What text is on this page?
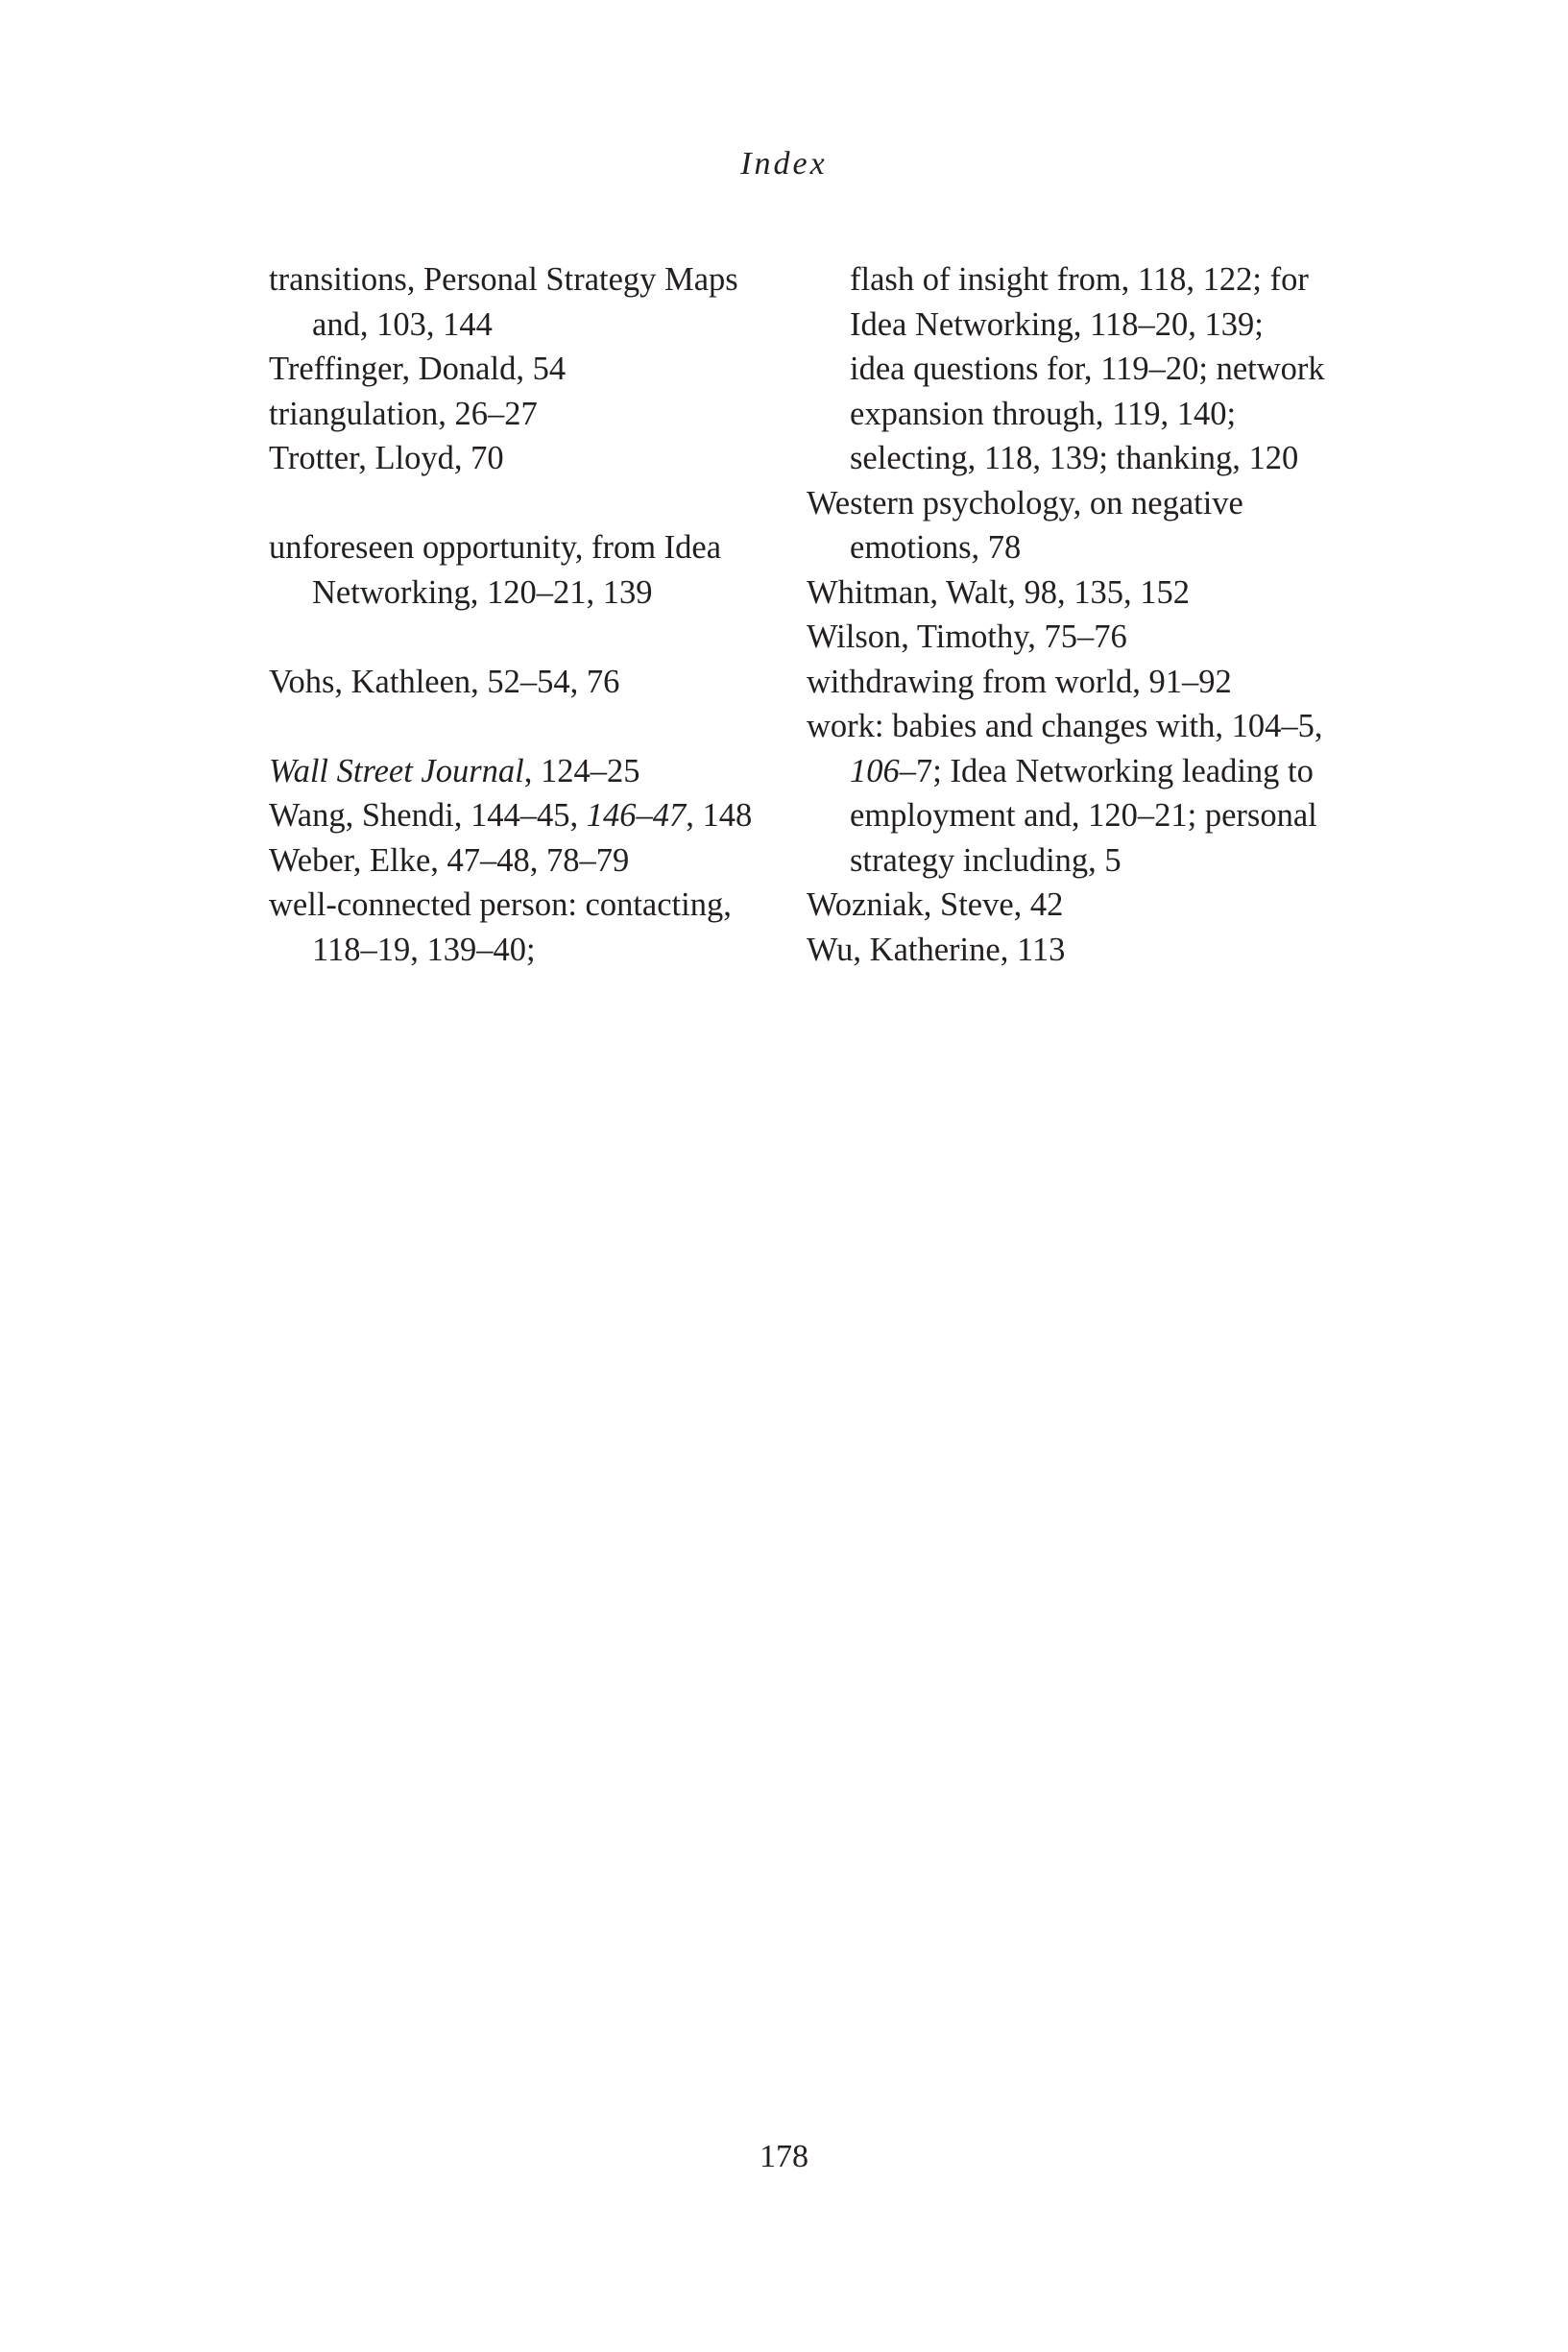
Index

transitions, Personal Strategy Maps and, 103, 144

Treffinger, Donald, 54

triangulation, 26–27

Trotter, Lloyd, 70

unforeseen opportunity, from Idea Networking, 120–21, 139

Vohs, Kathleen, 52–54, 76

Wall Street Journal, 124–25

Wang, Shendi, 144–45, 146–47, 148

Weber, Elke, 47–48, 78–79

well-connected person: contacting, 118–19, 139–40;

flash of insight from, 118, 122; for Idea Networking, 118–20, 139; idea questions for, 119–20; network expansion through, 119, 140; selecting, 118, 139; thanking, 120

Western psychology, on negative emotions, 78

Whitman, Walt, 98, 135, 152

Wilson, Timothy, 75–76

withdrawing from world, 91–92

work: babies and changes with, 104–5, 106–7; Idea Networking leading to employment and, 120–21; personal strategy including, 5

Wozniak, Steve, 42

Wu, Katherine, 113

178
